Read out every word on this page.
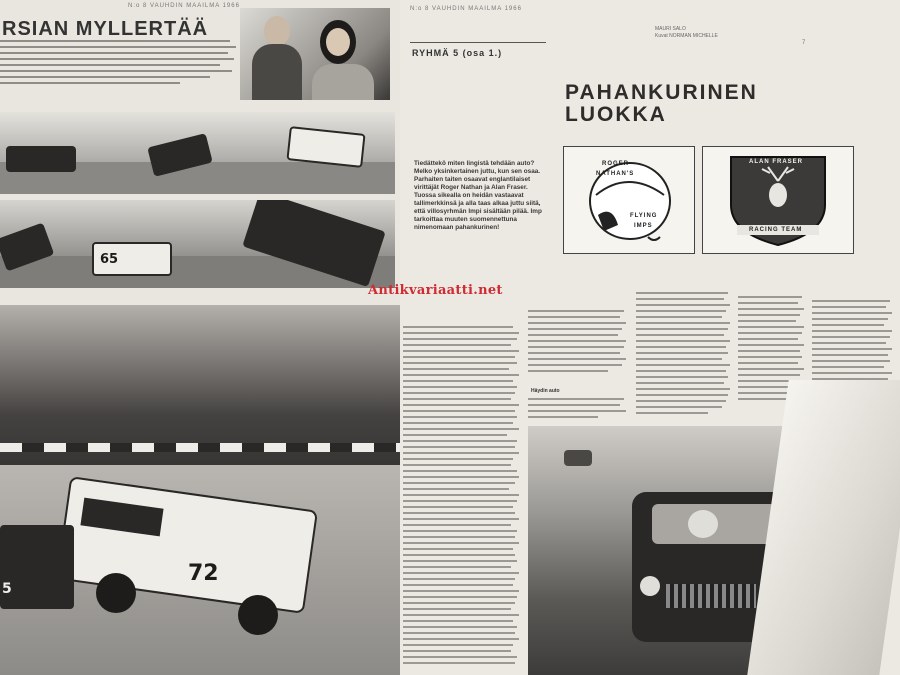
N:o 8 VAUHDIN MAAILMA 1966
RSIAN MYLLERTÄÄ
65
72
5
N:o 8 VAUHDIN MAAILMA 1966
7
RYHMÄ 5 (osa 1.)
MAURI SALO
Kuvat NORMAN MICHELLE
PAHANKURINEN
LUOKKA
Tiedättekö miten lingistä tehdään auto? Melko yksinkertainen juttu, kun sen osaa. Parhaiten taiten osaavat englantilaiset virittäjät Roger Nathan ja Alan Fraser. Tuossa sikealla on heidän vastaavat tallimerkkinsä ja alla taas alkaa juttu siitä, että villosyrhmän Impi sisältään pilää. Imp tarkoittaa muuten suomennettuna nimenomaan pahankurinen!
ROGER
NATHAN'S
FLYING
IMPS
ALAN FRASER
RACING TEAM
Häydin auto
Antikvariaatti.net
